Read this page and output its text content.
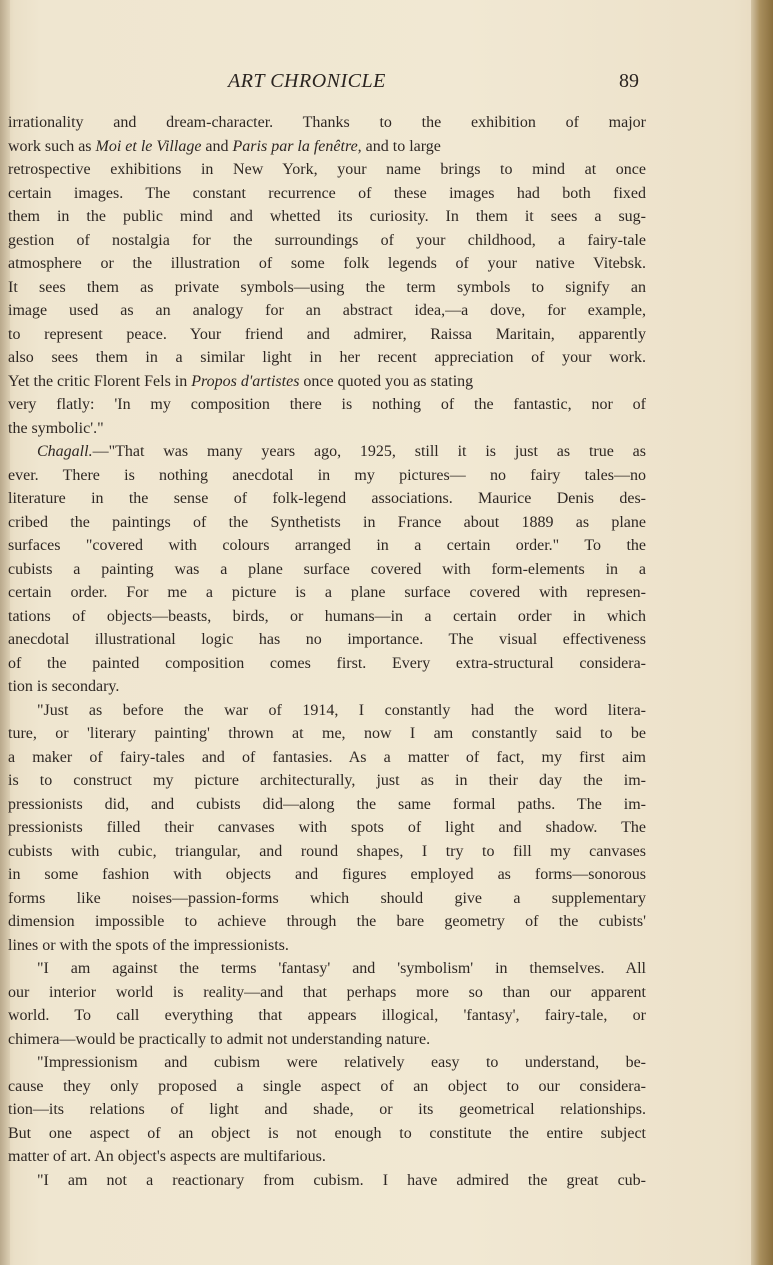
ART CHRONICLE	89
irrationality and dream-character. Thanks to the exhibition of major
work such as Moi et le Village and Paris par la fenêtre, and to large
retrospective exhibitions in New York, your name brings to mind at once
certain images. The constant recurrence of these images had both fixed
them in the public mind and whetted its curiosity. In them it sees a sug-
gestion of nostalgia for the surroundings of your childhood, a fairy-tale
atmosphere or the illustration of some folk legends of your native Vitebsk.
It sees them as private symbols—using the term symbols to signify an
image used as an analogy for an abstract idea,—a dove, for example,
to represent peace. Your friend and admirer, Raissa Maritain, apparently
also sees them in a similar light in her recent appreciation of your work.
Yet the critic Florent Fels in Propos d'artistes once quoted you as stating
very flatly: 'In my composition there is nothing of the fantastic, nor of
the symbolic'."
Chagall.—"That was many years ago, 1925, still it is just as true as
ever. There is nothing anecdotal in my pictures— no fairy tales—no
literature in the sense of folk-legend associations. Maurice Denis des-
cribed the paintings of the Synthetists in France about 1889 as plane
surfaces "covered with colours arranged in a certain order." To the
cubists a painting was a plane surface covered with form-elements in a
certain order. For me a picture is a plane surface covered with represen-
tations of objects—beasts, birds, or humans—in a certain order in which
anecdotal illustrational logic has no importance. The visual effectiveness
of the painted composition comes first. Every extra-structural considera-
tion is secondary.
"Just as before the war of 1914, I constantly had the word litera-
ture, or 'literary painting' thrown at me, now I am constantly said to be
a maker of fairy-tales and of fantasies. As a matter of fact, my first aim
is to construct my picture architecturally, just as in their day the im-
pressionists did, and cubists did—along the same formal paths. The im-
pressionists filled their canvases with spots of light and shadow. The
cubists with cubic, triangular, and round shapes, I try to fill my canvases
in some fashion with objects and figures employed as forms—sonorous
forms like noises—passion-forms which should give a supplementary
dimension impossible to achieve through the bare geometry of the cubists'
lines or with the spots of the impressionists.
"I am against the terms 'fantasy' and 'symbolism' in themselves. All
our interior world is reality—and that perhaps more so than our apparent
world. To call everything that appears illogical, 'fantasy', fairy-tale, or
chimera—would be practically to admit not understanding nature.
"Impressionism and cubism were relatively easy to understand, be-
cause they only proposed a single aspect of an object to our considera-
tion—its relations of light and shade, or its geometrical relationships.
But one aspect of an object is not enough to constitute the entire subject
matter of art. An object's aspects are multifarious.
"I am not a reactionary from cubism. I have admired the great cub-
